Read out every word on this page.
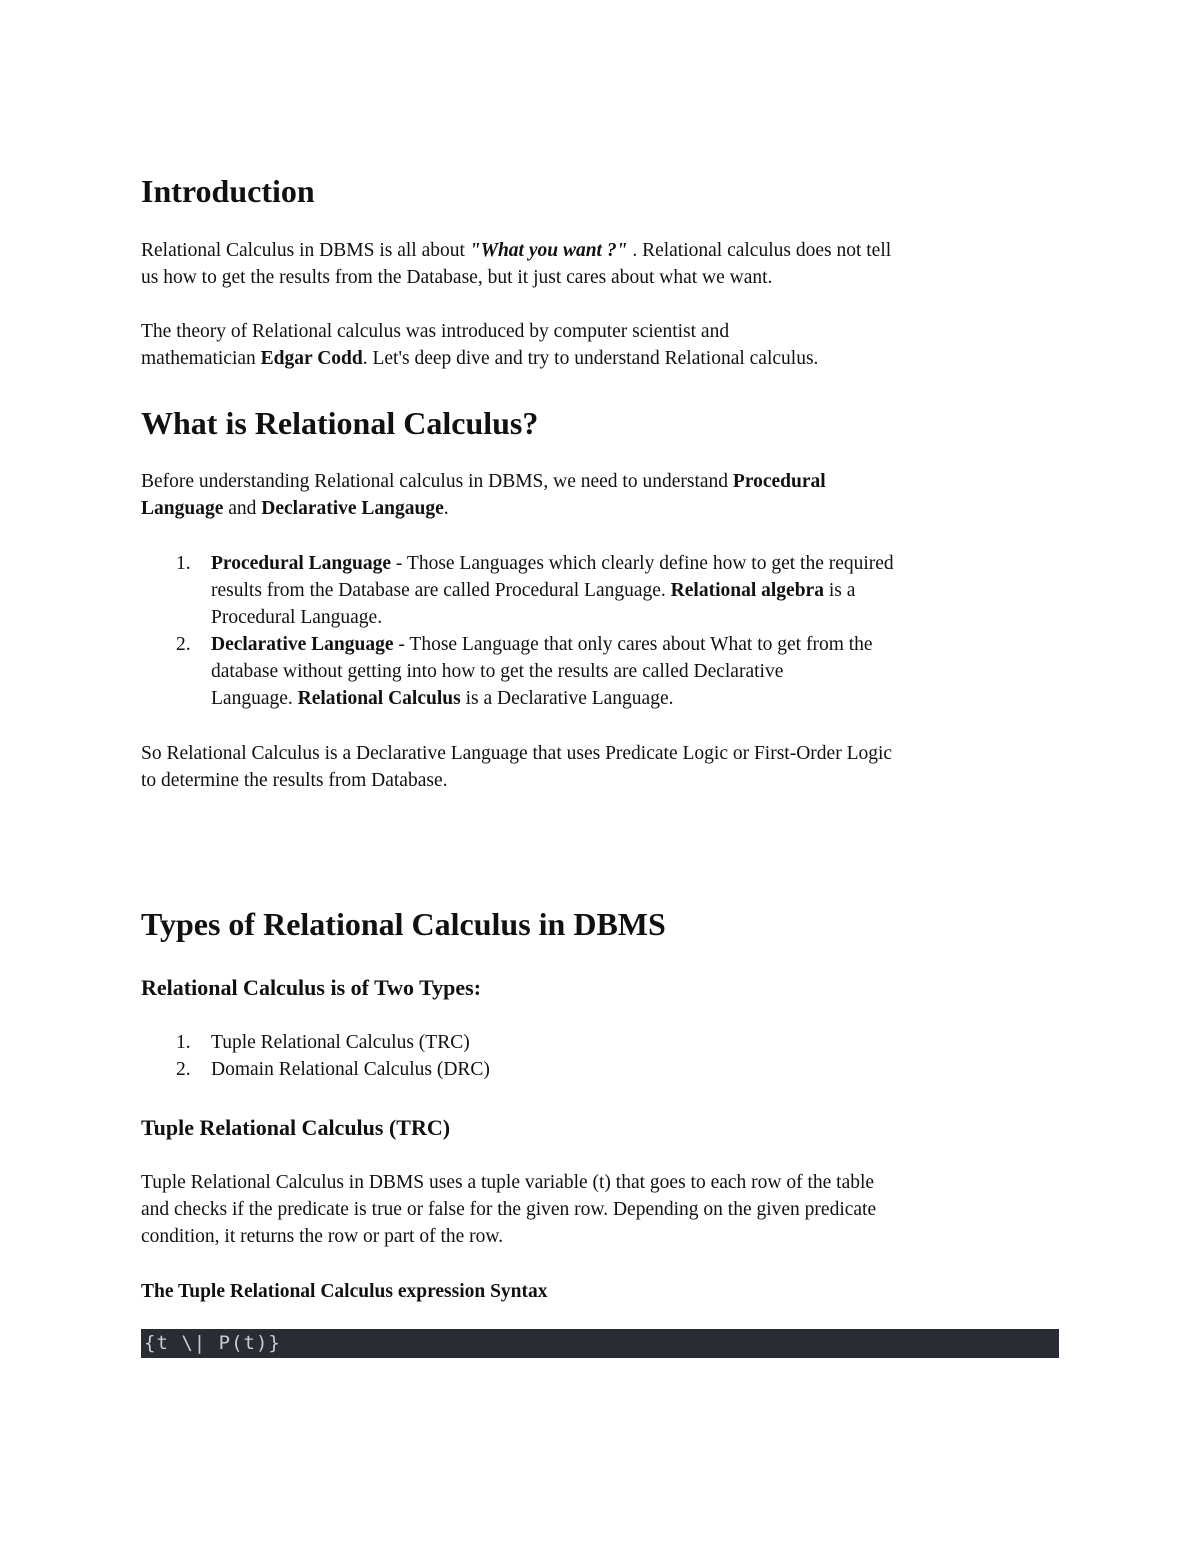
Introduction

Relational Calculus in DBMS is all about "What you want ?" . Relational calculus does not tell
us how to get the results from the Database, but it just cares about what we want.

The theory of Relational calculus was introduced by computer scientist and
mathematician Edgar Codd. Let's deep dive and try to understand Relational calculus.

What is Relational Calculus?

Before understanding Relational calculus in DBMS, we need to understand Procedural
Language and Declarative Langauge.

1. Procedural Language - Those Languages which clearly define how to get the required
results from the Database are called Procedural Language. Relational algebra is a
Procedural Language.
2. Declarative Language - Those Language that only cares about What to get from the
database without getting into how to get the results are called Declarative
Language. Relational Calculus is a Declarative Language.

So Relational Calculus is a Declarative Language that uses Predicate Logic or First-Order Logic
to determine the results from Database.

Types of Relational Calculus in DBMS
Relational Calculus is of Two Types:
1. Tuple Relational Calculus (TRC)
2. Domain Relational Calculus (DRC)
Tuple Relational Calculus (TRC)

Tuple Relational Calculus in DBMS uses a tuple variable (t) that goes to each row of the table
and checks if the predicate is true or false for the given row. Depending on the given predicate
condition, it returns the row or part of the row.

The Tuple Relational Calculus expression Syntax
{t \| P(t)}
